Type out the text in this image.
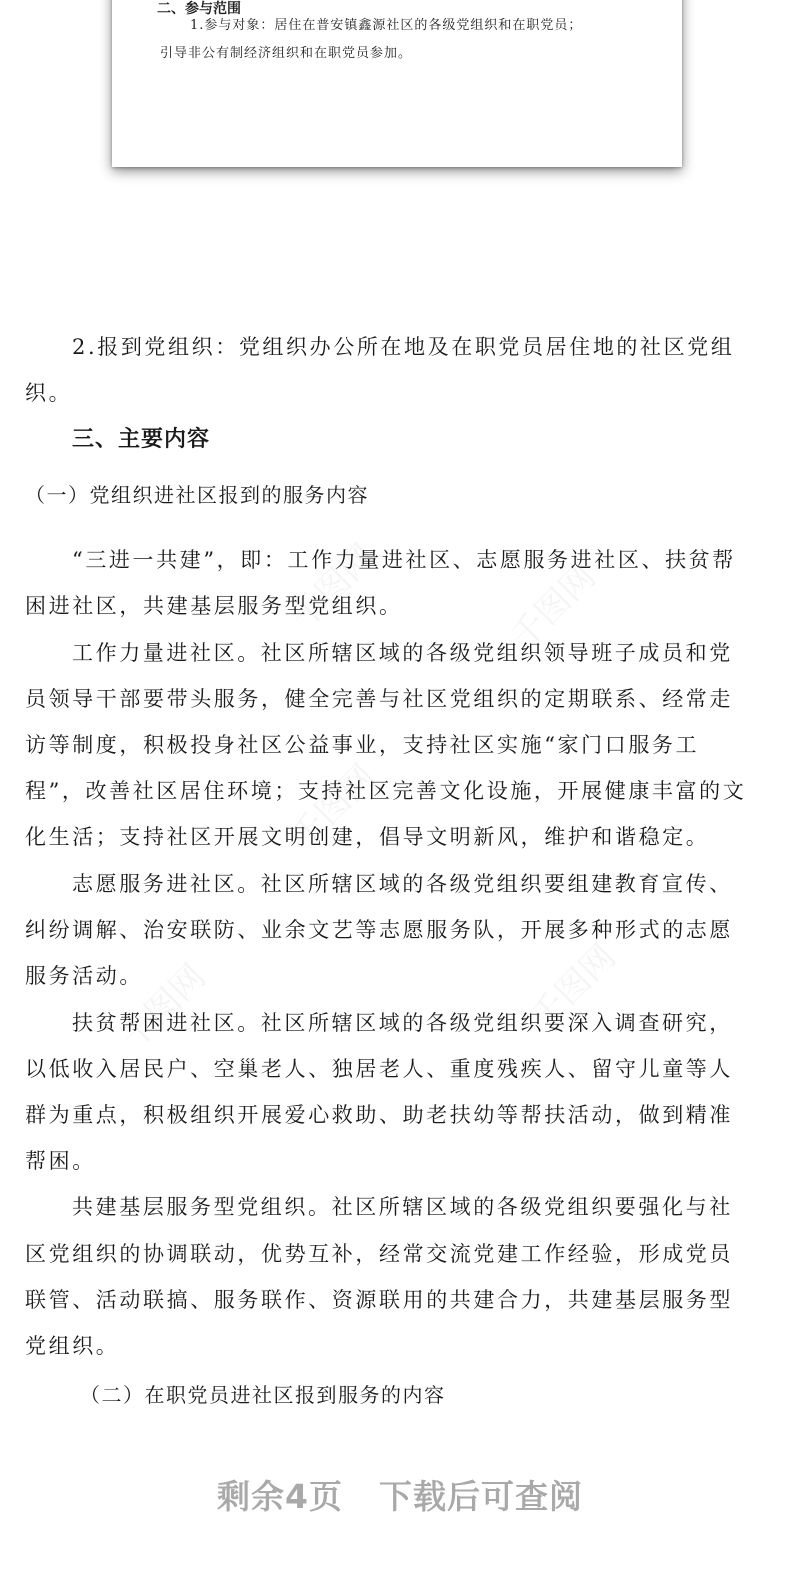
二、参与范围

1.参与对象：居住在普安镇鑫源社区的各级党组织和在职党员；

引导非公有制经济组织和在职党员参加。

2.报到党组织：党组织办公所在地及在职党员居住地的社区党组

织。

三、主要内容

（一）党组织进社区报到的服务内容

“三进一共建”，即：工作力量进社区、志愿服务进社区、扶贫帮

困进社区，共建基层服务型党组织。

工作力量进社区。社区所辖区域的各级党组织领导班子成员和党

员领导干部要带头服务，健全完善与社区党组织的定期联系、经常走

访等制度，积极投身社区公益事业，支持社区实施“家门口服务工

程”，改善社区居住环境；支持社区完善文化设施，开展健康丰富的文

化生活；支持社区开展文明创建，倡导文明新风，维护和谐稳定。

志愿服务进社区。社区所辖区域的各级党组织要组建教育宣传、

纠纷调解、治安联防、业余文艺等志愿服务队，开展多种形式的志愿

服务活动。

扶贫帮困进社区。社区所辖区域的各级党组织要深入调查研究，

以低收入居民户、空巢老人、独居老人、重度残疾人、留守儿童等人

群为重点，积极组织开展爱心救助、助老扶幼等帮扶活动，做到精准

帮困。

共建基层服务型党组织。社区所辖区域的各级党组织要强化与社

区党组织的协调联动，优势互补，经常交流党建工作经验，形成党员

联管、活动联搞、服务联作、资源联用的共建合力，共建基层服务型

党组织。

（二）在职党员进社区报到服务的内容

剩余4页 下载后可查阅
